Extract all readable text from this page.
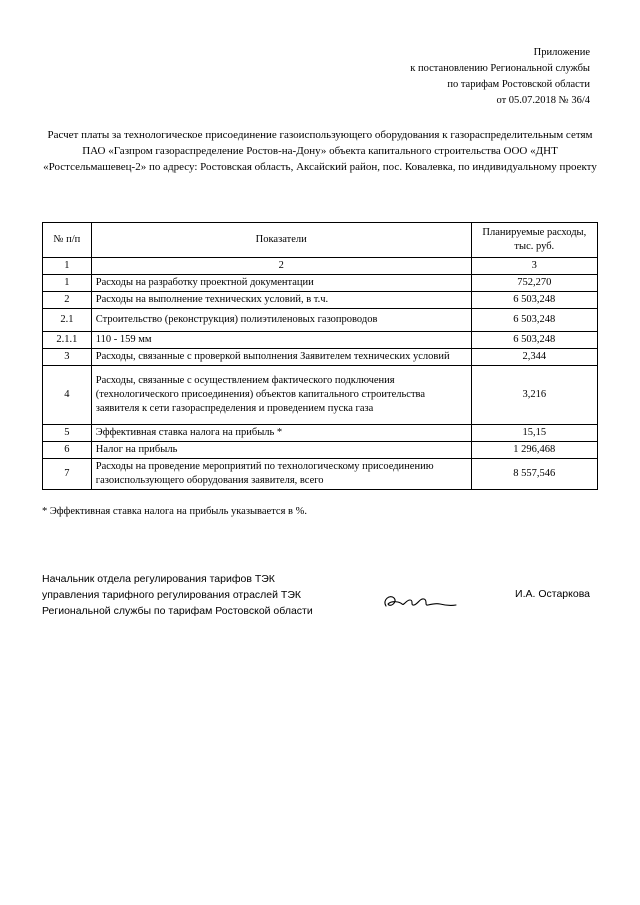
Приложение
к постановлению Региональной службы
по тарифам Ростовской области
от 05.07.2018 № 36/4
Расчет платы за технологическое присоединение газоиспользующего оборудования к газораспределительным сетям ПАО «Газпром газораспределение Ростов-на-Дону» объекта капитального строительства ООО «ДНТ «Ростсельмашевец-2» по адресу: Ростовская область, Аксайский район, пос. Ковалевка, по индивидуальному проекту
№ п/п	Показатели	Планируемые расходы, тыс. руб.
1	2	3
1	Расходы на разработку проектной документации	752,270
2	Расходы на выполнение технических условий, в т.ч.	6 503,248
2.1	Строительство (реконструкция) полиэтиленовых газопроводов	6 503,248
2.1.1	110 - 159 мм	6 503,248
3	Расходы, связанные с проверкой выполнения Заявителем технических условий	2,344
4	Расходы, связанные с осуществлением фактического подключения (технологического присоединения) объектов капитального строительства заявителя к сети газораспределения и проведением пуска газа	3,216
5	Эффективная ставка налога на прибыль *	15,15
6	Налог на прибыль	1 296,468
7	Расходы на проведение мероприятий по технологическому присоединению газоиспользующего оборудования заявителя, всего	8 557,546
* Эффективная ставка налога на прибыль указывается в %.
Начальник отдела регулирования тарифов ТЭК
управления тарифного регулирования отраслей ТЭК
Региональной службы по тарифам Ростовской области
И.А. Остаркова
